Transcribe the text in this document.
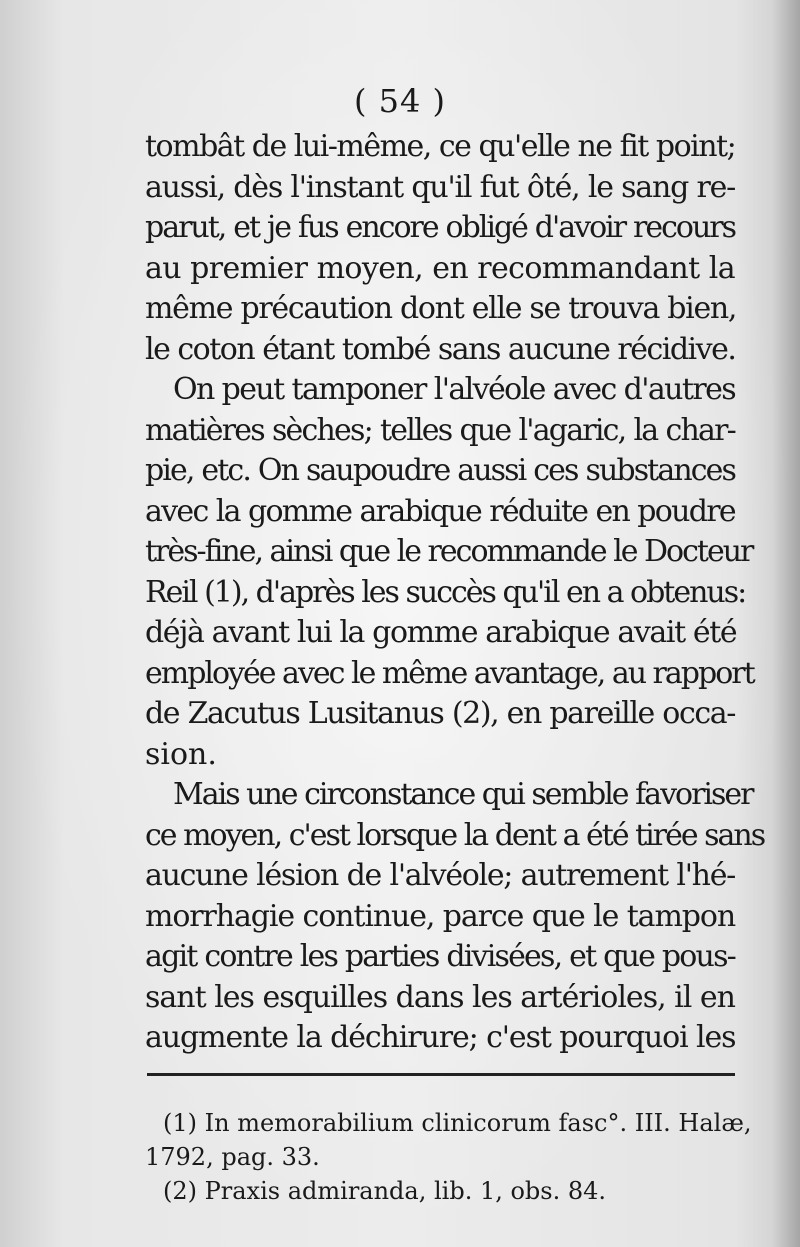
( 54 )
tombât de lui-même, ce qu'elle ne fit point;
aussi, dès l'instant qu'il fut ôté, le sang re-
parut, et je fus encore obligé d'avoir recours
au premier moyen, en recommandant la
même précaution dont elle se trouva bien,
le coton étant tombé sans aucune récidive.
On peut tamponer l'alvéole avec d'autres
matières sèches; telles que l'agaric, la char-
pie, etc. On saupoudre aussi ces substances
avec la gomme arabique réduite en poudre
très-fine, ainsi que le recommande le Docteur
Reil (1), d'après les succès qu'il en a obtenus:
déjà avant lui la gomme arabique avait été
employée avec le même avantage, au rapport
de Zacutus Lusitanus (2), en pareille occa-
sion.
Mais une circonstance qui semble favoriser
ce moyen, c'est lorsque la dent a été tirée sans
aucune lésion de l'alvéole; autrement l'hé-
morrhagie continue, parce que le tampon
agit contre les parties divisées, et que pous-
sant les esquilles dans les artérioles, il en
augmente la déchirure; c'est pourquoi les
(1) In memorabilium clinicorum fasc°. III. Halæ,
1792, pag. 33.
(2) Praxis admiranda, lib. 1, obs. 84.
